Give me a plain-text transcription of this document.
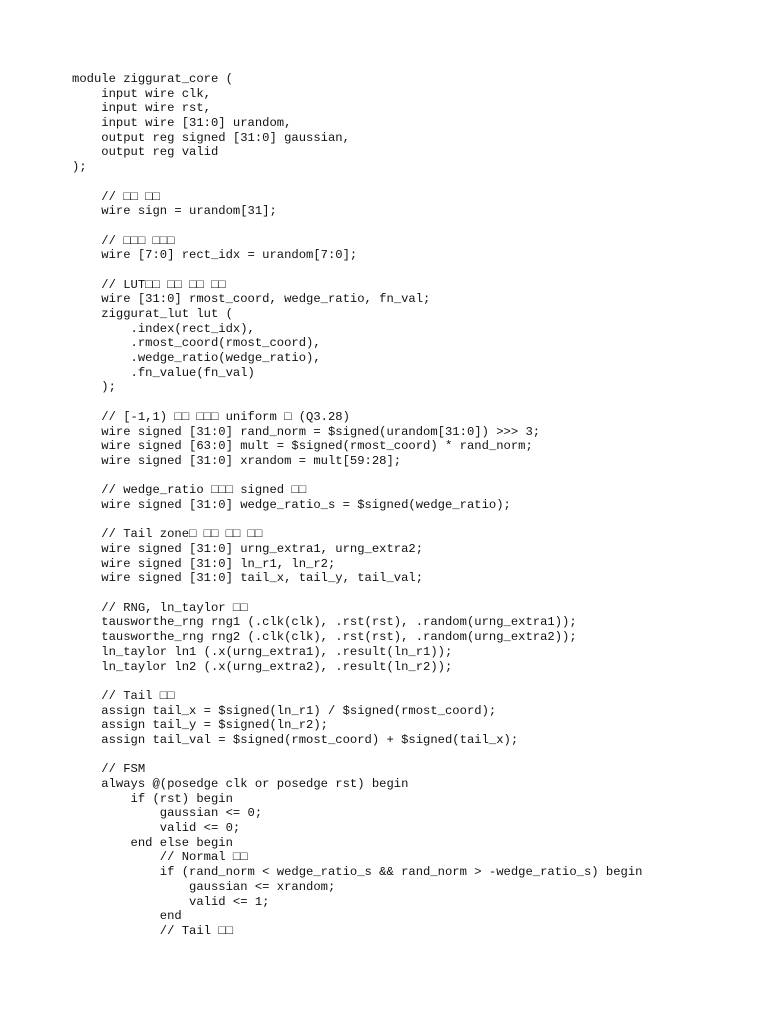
module ziggurat_core (
input wire clk,
input wire rst,
input wire [31:0] urandom,
output reg signed [31:0] gaussian,
output reg valid
);
// □□ □□
wire sign = urandom[31];
// □□□ □□□
wire [7:0] rect_idx = urandom[7:0];
// LUT□□ □□ □□ □□
wire [31:0] rmost_coord, wedge_ratio, fn_val;
ziggurat_lut lut (
.index(rect_idx),
.rmost_coord(rmost_coord),
.wedge_ratio(wedge_ratio),
.fn_value(fn_val)
);
// [-1,1) □□ □□□ uniform □ (Q3.28)
wire signed [31:0] rand_norm = $signed(urandom[31:0]) >>> 3;
wire signed [63:0] mult = $signed(rmost_coord) * rand_norm;
wire signed [31:0] xrandom = mult[59:28];
// wedge_ratio □□□ signed □□
wire signed [31:0] wedge_ratio_s = $signed(wedge_ratio);
// Tail zone□ □□ □□ □□
wire signed [31:0] urng_extra1, urng_extra2;
wire signed [31:0] ln_r1, ln_r2;
wire signed [31:0] tail_x, tail_y, tail_val;
// RNG, ln_taylor □□
tausworthe_rng rng1 (.clk(clk), .rst(rst), .random(urng_extra1));
tausworthe_rng rng2 (.clk(clk), .rst(rst), .random(urng_extra2));
ln_taylor ln1 (.x(urng_extra1), .result(ln_r1));
ln_taylor ln2 (.x(urng_extra2), .result(ln_r2));
// Tail □□
assign tail_x = $signed(ln_r1) / $signed(rmost_coord);
assign tail_y = $signed(ln_r2);
assign tail_val = $signed(rmost_coord) + $signed(tail_x);
// FSM
always @(posedge clk or posedge rst) begin
if (rst) begin
gaussian <= 0;
valid <= 0;
end else begin
// Normal □□
if (rand_norm < wedge_ratio_s && rand_norm > -wedge_ratio_s) begin
gaussian <= xrandom;
valid <= 1;
end
// Tail □□
